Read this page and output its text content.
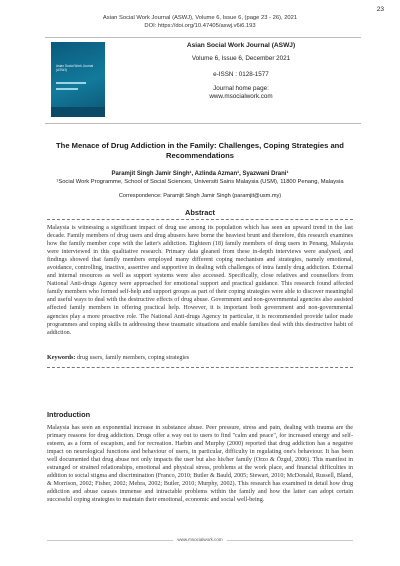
23
Asian Social Work Journal (ASWJ), Volume 6, Issue 6, (page 23 - 26), 2021
DOI: https://doi.org/10.47405/aswj.v6i6.193
Asian Social Work Journal (ASWJ)
Asian Social Work Journal (ASWJ)
Volume 6, Issue 6, December 2021
e-ISSN : 0128-1577
Journal home page:
www.msocialwork.com
The Menace of Drug Addiction in the Family: Challenges, Coping Strategies and
Recommendations
Paramjit Singh Jamir Singh¹, Azlinda Azman¹, Syazwani Drani¹
¹Social Work Programme, School of Social Sciences, Universiti Sains Malaysia (USM), 11800 Penang, Malaysia
Correspondence: Paramjit Singh Jamir Singh (paramjit@usm.my)
Abstract
Malaysia is witnessing a significant impact of drug use among its population which has seen an upward trend in the last decade. Family members of drug users and drug abusers have borne the heaviest brunt and therefore, this research examines how the family member cope with the latter's addiction. Eighteen (18) family members of drug users in Penang, Malaysia were interviewed in this qualitative research. Primary data gleaned from these in-depth interviews were analysed, and findings showed that family members employed many different coping mechanism and strategies, namely emotional, avoidance, controlling, inactive, assertive and supportive in dealing with challenges of intra family drug addiction. External and internal resources as well as support systems were also accessed. Specifically, close relatives and counsellors from National Anti-drugs Agency were approached for emotional support and practical guidance. This research found affected family members who formed self-help and support groups as part of their coping strategies were able to discover meaningful and useful ways to deal with the destructive effects of drug abuse. Government and non-governmental agencies also assisted affected family members in offering practical help. However, it is important both government and non-governmental agencies play a more proactive role. The National Anti-drugs Agency in particular, it is recommended provide tailor made programmes and coping skills in addressing these traumatic situations and enable families deal with this destructive habit of addiction.
Keywords: drug users, family members, coping strategies
Introduction
Malaysia has seen an exponential increase in substance abuse. Peer pressure, stress and pain, dealing with trauma are the primary reasons for drug addiction. Drugs offer a way out to users to find "calm and peace", for increased energy and self-esteem, as a form of escapism, and for recreation. Harbin and Murphy (2000) reported that drug addiction has a negative impact on neurological functions and behaviour of users, in particular, difficulty in regulating one's behaviour. It has been well documented that drug abuse not only impacts the user but also his/her family (Orzo & Özgul, 2006). This manifest in estranged or strained relationships, emotional and physical stress, problems at the work place, and financial difficulties in addition to social stigma and discrimination (Franco, 2010; Butler & Bauld, 2005; Stewart, 2010; McDonald, Russell, Bland, & Morrison, 2002; Fisher, 2002; Mehra, 2002; Butler, 2010; Murphy, 2002). This research has examined in detail how drug addiction and abuse causes immense and intractable problems within the family and how the latter can adopt certain successful coping strategies to maintain their emotional, economic and social well-being.
www.msocialwork.com
